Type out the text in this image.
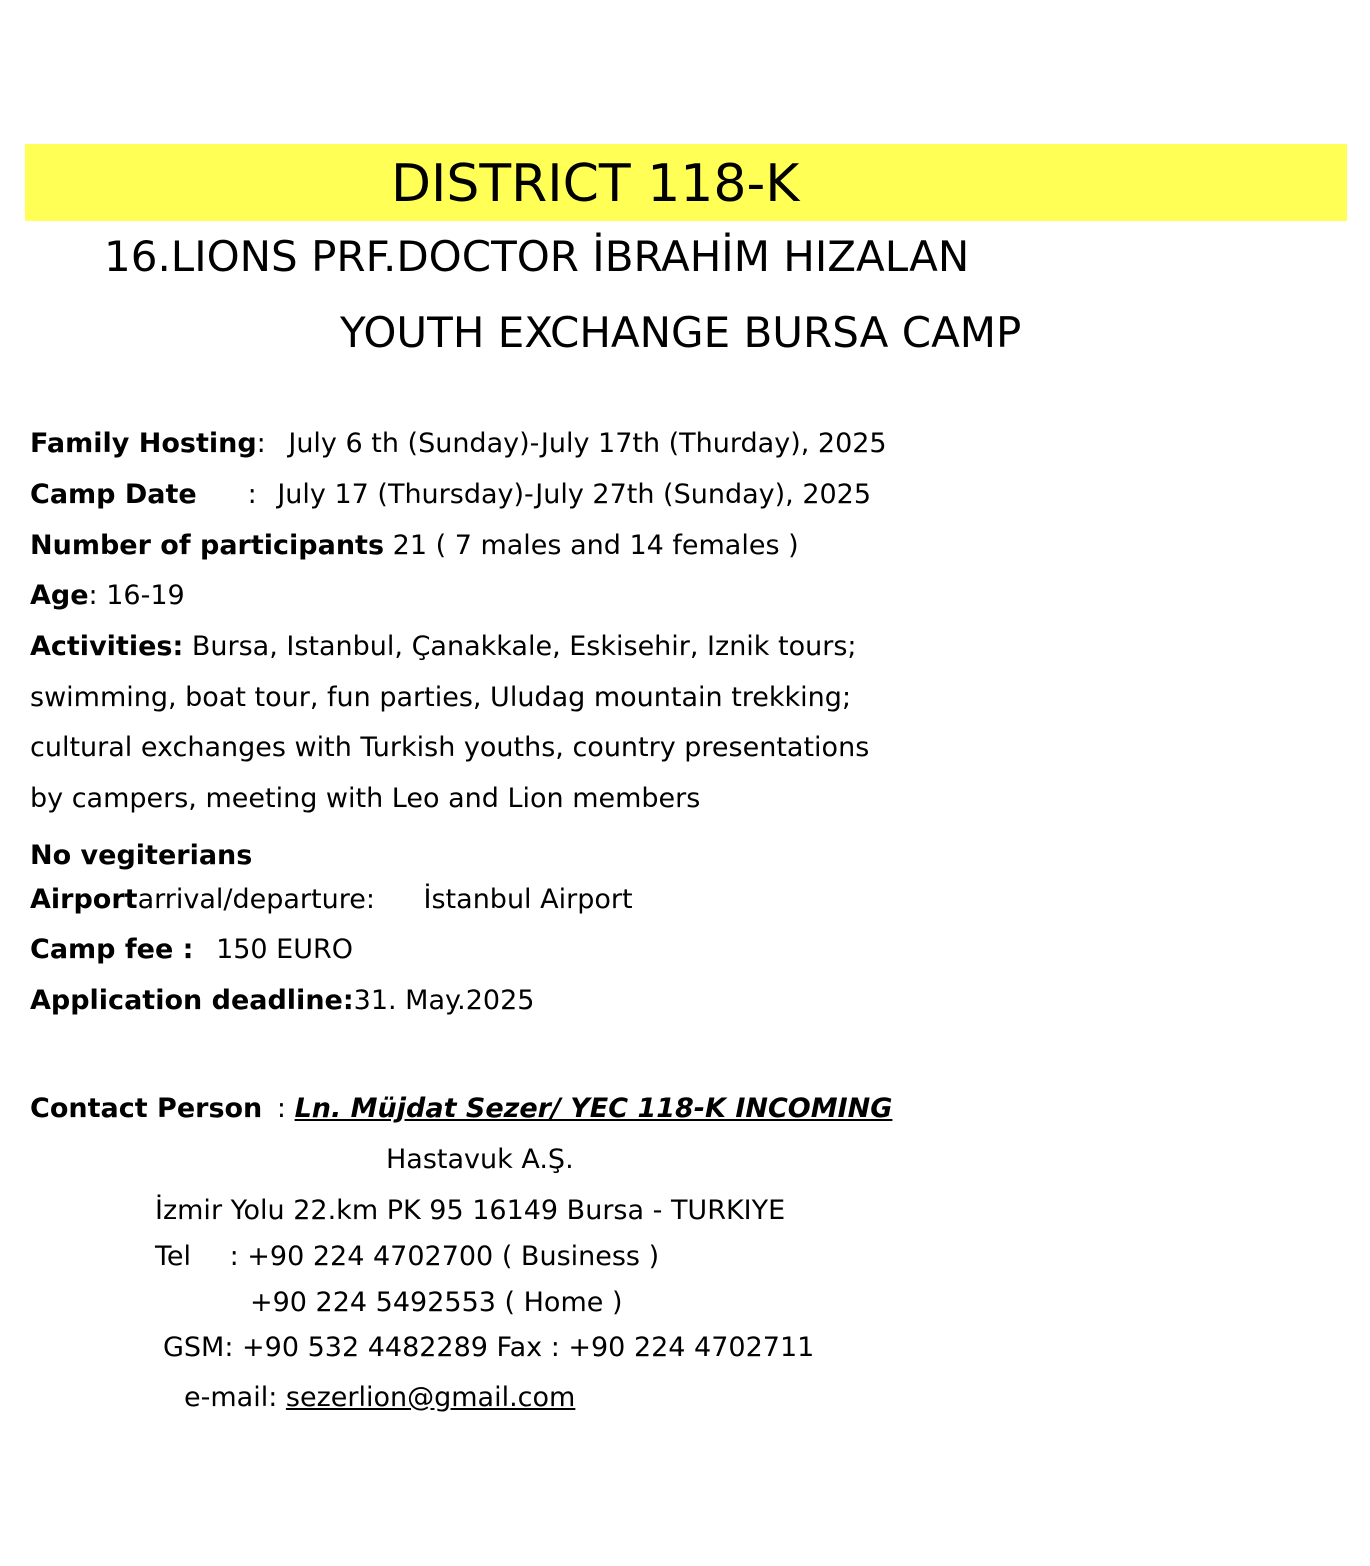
DISTRICT 118-K
16.LIONS PRF.DOCTOR İBRAHİM HIZALAN
YOUTH EXCHANGE BURSA CAMP
Family Hosting: July 6 th (Sunday)-July 17th (Thurday), 2025
Camp Date : July 17 (Thursday)-July 27th (Sunday), 2025
Number of participants 21 ( 7 males and 14 females )
Age: 16-19
Activities: Bursa, Istanbul, Çanakkale, Eskisehir, Iznik tours;
swimming, boat tour, fun parties, Uludag mountain trekking;
cultural exchanges with Turkish youths, country presentations
by campers, meeting with Leo and Lion members
No vegiterians
Airportarrival/departure: İstanbul Airport
Camp fee : 150 EURO
Application deadline:31. May.2025
Contact Person : Ln. Müjdat Sezer/ YEC 118-K INCOMING
Hastavuk A.Ş.
İzmir Yolu 22.km PK 95 16149 Bursa - TURKIYE
Tel : +90 224 4702700 ( Business )
+90 224 5492553 ( Home )
GSM: +90 532 4482289 Fax : +90 224 4702711
e-mail: sezerlion@gmail.com
